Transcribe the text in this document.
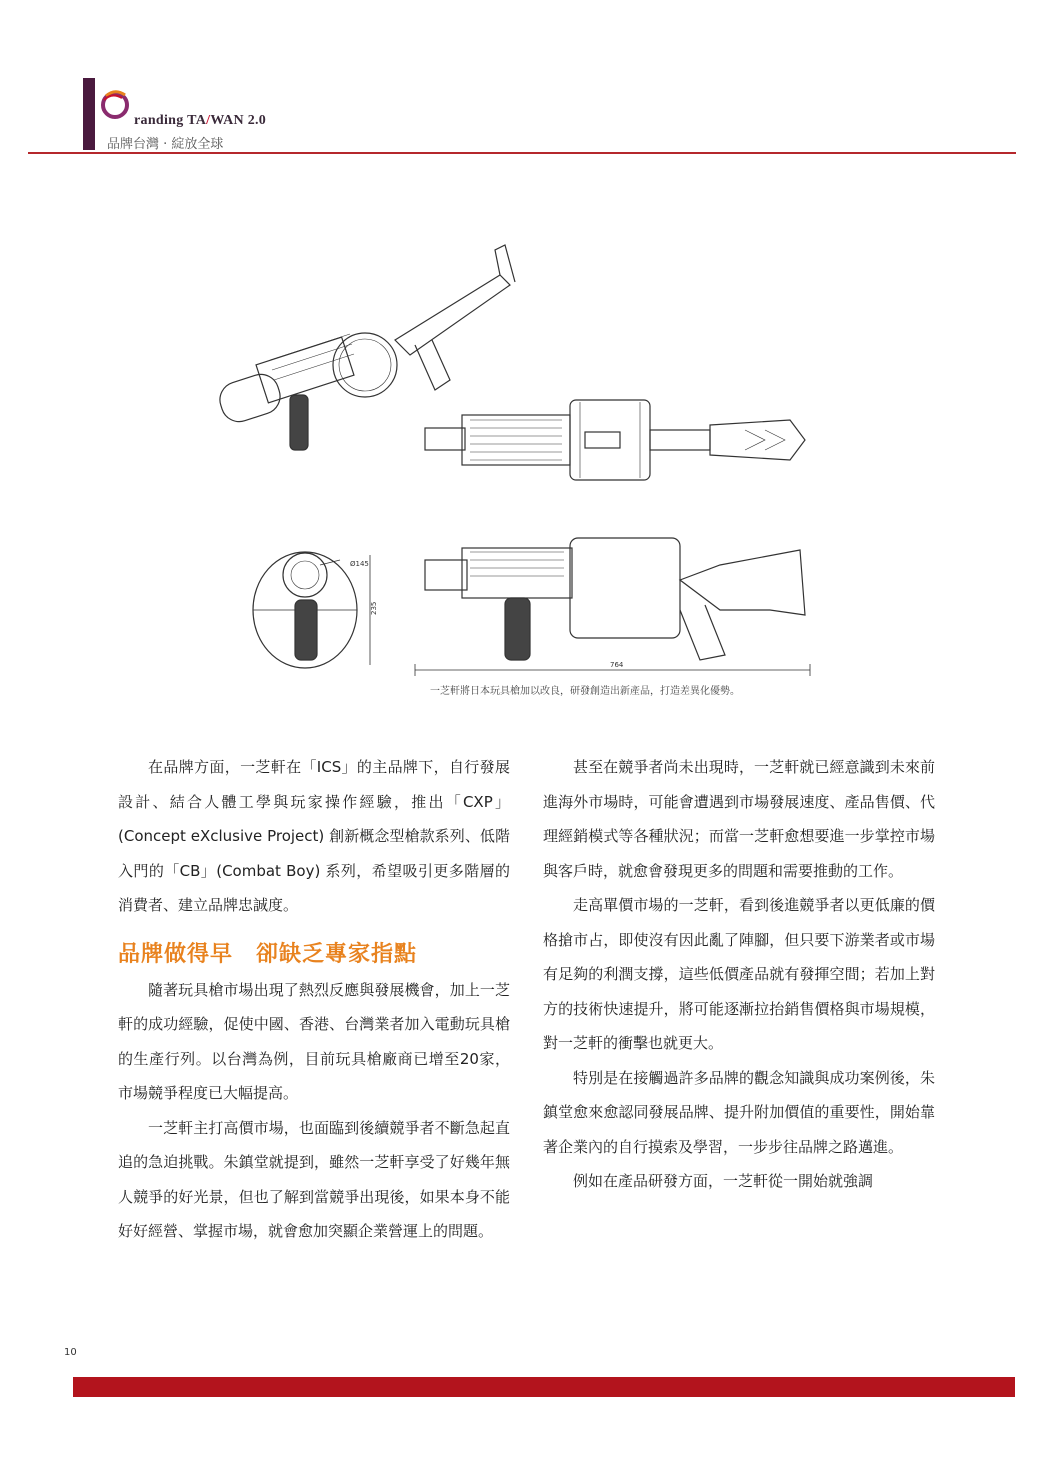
randing TA/WAN 2.0
品牌台灣 · 綻放全球
Ø145
235
764
一芝軒將日本玩具槍加以改良，研發創造出新產品，打造差異化優勢。

在品牌方面，一芝軒在「ICS」的主品牌下，自行發展設計、結合人體工學與玩家操作經驗，推出「CXP」(Concept eXclusive Project) 創新概念型槍款系列、低階入門的「CB」(Combat Boy) 系列，希望吸引更多階層的消費者、建立品牌忠誠度。

品牌做得早　卻缺乏專家指點

隨著玩具槍市場出現了熱烈反應與發展機會，加上一芝軒的成功經驗，促使中國、香港、台灣業者加入電動玩具槍的生產行列。以台灣為例，目前玩具槍廠商已增至20家，市場競爭程度已大幅提高。

一芝軒主打高價市場，也面臨到後續競爭者不斷急起直追的急迫挑戰。朱鎮堂就提到，雖然一芝軒享受了好幾年無人競爭的好光景，但也了解到當競爭出現後，如果本身不能好好經營、掌握市場，就會愈加突顯企業營運上的問題。

甚至在競爭者尚未出現時，一芝軒就已經意識到未來前進海外市場時，可能會遭遇到市場發展速度、產品售價、代理經銷模式等各種狀況；而當一芝軒愈想要進一步掌控市場與客戶時，就愈會發現更多的問題和需要推動的工作。

走高單價市場的一芝軒，看到後進競爭者以更低廉的價格搶市占，即使沒有因此亂了陣腳，但只要下游業者或市場有足夠的利潤支撐，這些低價產品就有發揮空間；若加上對方的技術快速提升，將可能逐漸拉抬銷售價格與市場規模，對一芝軒的衝擊也就更大。

特別是在接觸過許多品牌的觀念知識與成功案例後，朱鎮堂愈來愈認同發展品牌、提升附加價值的重要性，開始靠著企業內的自行摸索及學習，一步步往品牌之路邁進。

例如在產品研發方面，一芝軒從一開始就強調

10
